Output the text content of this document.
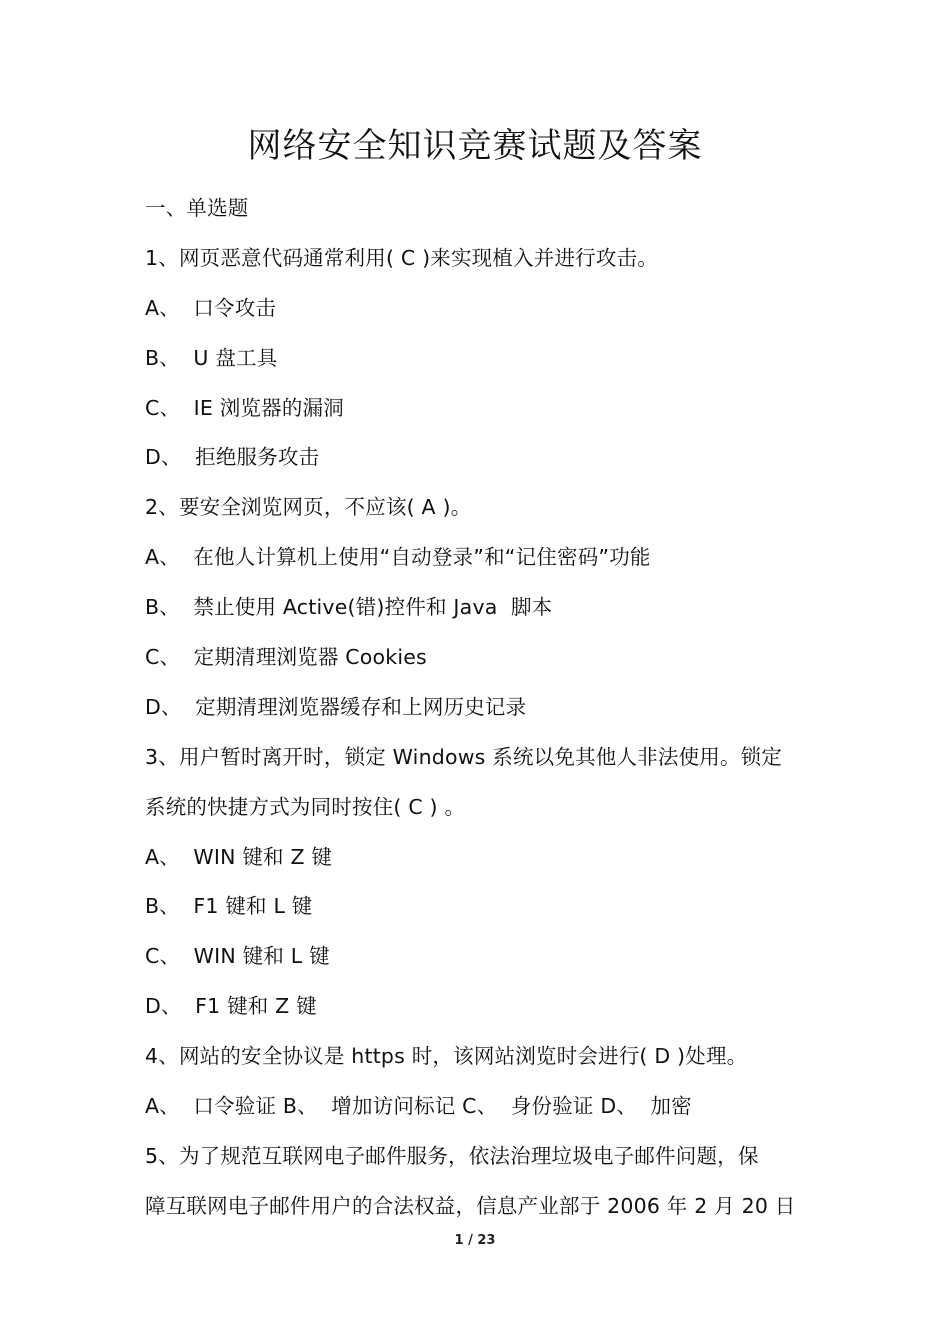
网络安全知识竞赛试题及答案
一、单选题
1、网页恶意代码通常利用( C )来实现植入并进行攻击。
A、  口令攻击
B、  U 盘工具
C、  IE 浏览器的漏洞
D、  拒绝服务攻击
2、要安全浏览网页，不应该( A )。
A、  在他人计算机上使用“自动登录”和“记住密码”功能
B、  禁止使用 Active(错)控件和 Java  脚本
C、  定期清理浏览器 Cookies
D、  定期清理浏览器缓存和上网历史记录
3、用户暂时离开时，锁定 Windows 系统以免其他人非法使用。锁定
系统的快捷方式为同时按住( C ) 。
A、  WIN 键和 Z 键
B、  F1 键和 L 键
C、  WIN 键和 L 键
D、  F1 键和 Z 键
4、网站的安全协议是 https 时，该网站浏览时会进行( D )处理。
A、  口令验证 B、  增加访问标记 C、  身份验证 D、  加密
5、为了规范互联网电子邮件服务，依法治理垃圾电子邮件问题，保
障互联网电子邮件用户的合法权益，信息产业部于 2006 年 2 月 20 日
1 / 23
